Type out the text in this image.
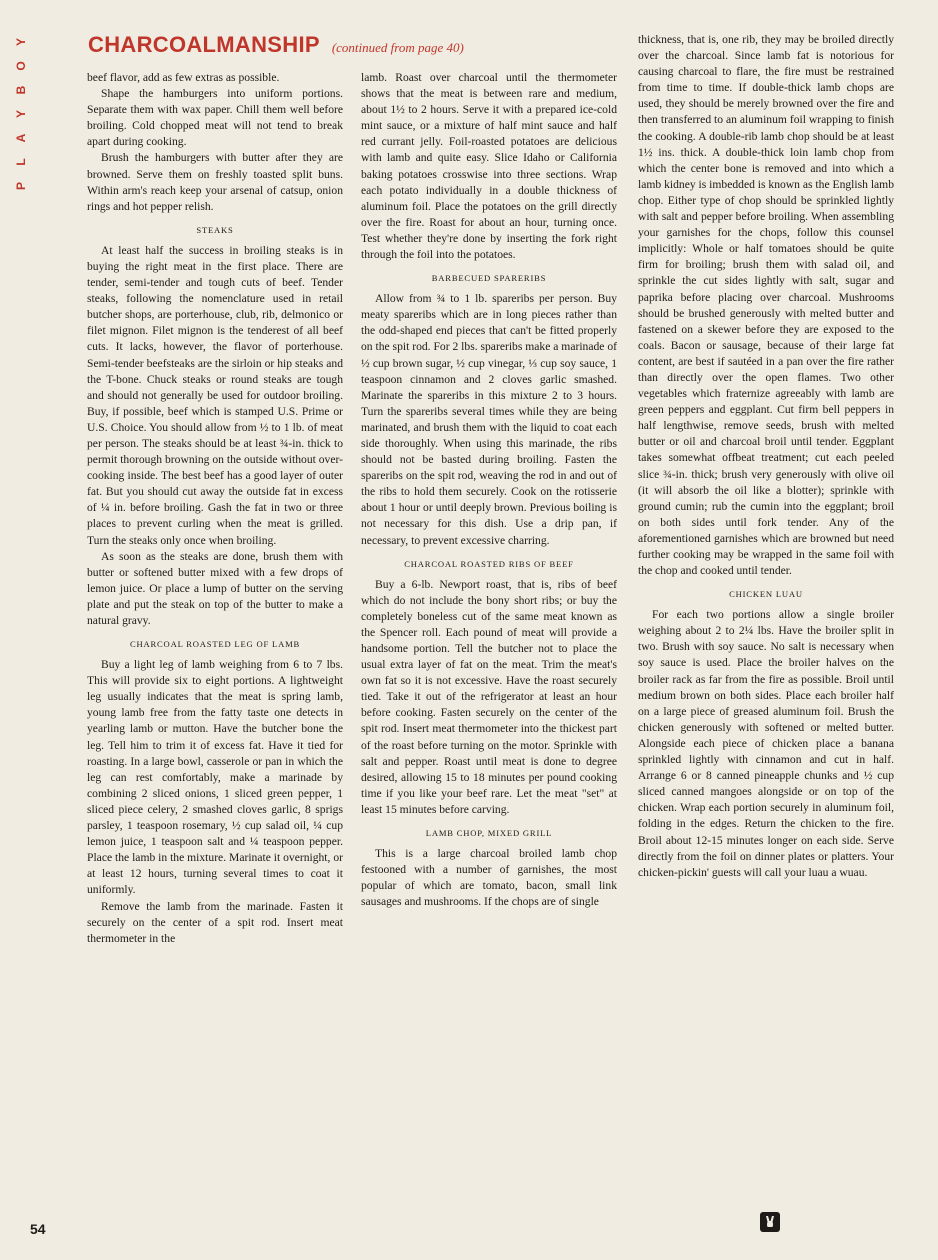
Y
O
B
Y
A
L
P
CHARCOALMANSHIP (continued from page 40)

beef flavor, add as few extras as possible.

Shape the hamburgers into uniform portions. Separate them with wax paper. Chill them well before broiling. Cold chopped meat will not tend to break apart during cooking.

Brush the hamburgers with butter after they are browned. Serve them on freshly toasted split buns. Within arm's reach keep your arsenal of catsup, onion rings and hot pepper relish.

STEAKS

At least half the success in broiling steaks is in buying the right meat in the first place. There are tender, semi-tender and tough cuts of beef. Tender steaks, following the nomenclature used in retail butcher shops, are porterhouse, club, rib, delmonico or filet mignon. Filet mignon is the tenderest of all beef cuts. It lacks, however, the flavor of porterhouse. Semi-tender beefsteaks are the sirloin or hip steaks and the T-bone. Chuck steaks or round steaks are tough and should not generally be used for outdoor broiling. Buy, if possible, beef which is stamped U.S. Prime or U.S. Choice. You should allow from ½ to 1 lb. of meat per person. The steaks should be at least ¾-in. thick to permit thorough browning on the outside without over-cooking inside. The best beef has a good layer of outer fat. But you should cut away the outside fat in excess of ¼ in. before broiling. Gash the fat in two or three places to prevent curling when the meat is grilled. Turn the steaks only once when broiling.

As soon as the steaks are done, brush them with butter or softened butter mixed with a few drops of lemon juice. Or place a lump of butter on the serving plate and put the steak on top of the butter to make a natural gravy.

CHARCOAL ROASTED LEG OF LAMB

Buy a light leg of lamb weighing from 6 to 7 lbs. This will provide six to eight portions. A lightweight leg usually indicates that the meat is spring lamb, young lamb free from the fatty taste one detects in yearling lamb or mutton. Have the butcher bone the leg. Tell him to trim it of excess fat. Have it tied for roasting. In a large bowl, casserole or pan in which the leg can rest comfortably, make a marinade by combining 2 sliced onions, 1 sliced green pepper, 1 sliced piece celery, 2 smashed cloves garlic, 8 sprigs parsley, 1 teaspoon rosemary, ½ cup salad oil, ¼ cup lemon juice, 1 teaspoon salt and ¼ teaspoon pepper. Place the lamb in the mixture. Marinate it overnight, or at least 12 hours, turning several times to coat it uniformly.

Remove the lamb from the marinade. Fasten it securely on the center of a spit rod. Insert meat thermometer in the

lamb. Roast over charcoal until the thermometer shows that the meat is between rare and medium, about 1½ to 2 hours. Serve it with a prepared ice-cold mint sauce, or a mixture of half mint sauce and half red currant jelly. Foil-roasted potatoes are delicious with lamb and quite easy. Slice Idaho or California baking potatoes crosswise into three sections. Wrap each potato individually in a double thickness of aluminum foil. Place the potatoes on the grill directly over the fire. Roast for about an hour, turning once. Test whether they're done by inserting the fork right through the foil into the potatoes.

BARBECUED SPARERIBS

Allow from ¾ to 1 lb. spareribs per person. Buy meaty spareribs which are in long pieces rather than the odd-shaped end pieces that can't be fitted properly on the spit rod. For 2 lbs. spareribs make a marinade of ½ cup brown sugar, ½ cup vinegar, ⅓ cup soy sauce, 1 teaspoon cinnamon and 2 cloves garlic smashed. Marinate the spareribs in this mixture 2 to 3 hours. Turn the spareribs several times while they are being marinated, and brush them with the liquid to coat each side thoroughly. When using this marinade, the ribs should not be basted during broiling. Fasten the spareribs on the spit rod, weaving the rod in and out of the ribs to hold them securely. Cook on the rotisserie about 1 hour or until deeply brown. Previous boiling is not necessary for this dish. Use a drip pan, if necessary, to prevent excessive charring.

CHARCOAL ROASTED RIBS OF BEEF

Buy a 6-lb. Newport roast, that is, ribs of beef which do not include the bony short ribs; or buy the completely boneless cut of the same meat known as the Spencer roll. Each pound of meat will provide a handsome portion. Tell the butcher not to place the usual extra layer of fat on the meat. Trim the meat's own fat so it is not excessive. Have the roast securely tied. Take it out of the refrigerator at least an hour before cooking. Fasten securely on the center of the spit rod. Insert meat thermometer into the thickest part of the roast before turning on the motor. Sprinkle with salt and pepper. Roast until meat is done to degree desired, allowing 15 to 18 minutes per pound cooking time if you like your beef rare. Let the meat "set" at least 15 minutes before carving.

LAMB CHOP, MIXED GRILL

This is a large charcoal broiled lamb chop festooned with a number of garnishes, the most popular of which are tomato, bacon, small link sausages and mushrooms. If the chops are of single

thickness, that is, one rib, they may be broiled directly over the charcoal. Since lamb fat is notorious for causing charcoal to flare, the fire must be restrained from time to time. If double-thick lamb chops are used, they should be merely browned over the fire and then transferred to an aluminum foil wrapping to finish the cooking. A double-rib lamb chop should be at least 1½ ins. thick. A double-thick loin lamb chop from which the center bone is removed and into which a lamb kidney is imbedded is known as the English lamb chop. Either type of chop should be sprinkled lightly with salt and pepper before broiling. When assembling your garnishes for the chops, follow this counsel implicitly: Whole or half tomatoes should be quite firm for broiling; brush them with salad oil, and sprinkle the cut sides lightly with salt, sugar and paprika before placing over charcoal. Mushrooms should be brushed generously with melted butter and fastened on a skewer before they are exposed to the coals. Bacon or sausage, because of their large fat content, are best if sautéed in a pan over the fire rather than directly over the open flames. Two other vegetables which fraternize agreeably with lamb are green peppers and eggplant. Cut firm bell peppers in half lengthwise, remove seeds, brush with melted butter or oil and charcoal broil until tender. Eggplant takes somewhat offbeat treatment; cut each peeled slice ¾-in. thick; brush very generously with olive oil (it will absorb the oil like a blotter); sprinkle with ground cumin; rub the cumin into the eggplant; broil on both sides until fork tender. Any of the aforementioned garnishes which are browned but need further cooking may be wrapped in the same foil with the chop and cooked until tender.

CHICKEN LUAU

For each two portions allow a single broiler weighing about 2 to 2¼ lbs. Have the broiler split in two. Brush with soy sauce. No salt is necessary when soy sauce is used. Place the broiler halves on the broiler rack as far from the fire as possible. Broil until medium brown on both sides. Place each broiler half on a large piece of greased aluminum foil. Brush the chicken generously with softened or melted butter. Alongside each piece of chicken place a banana sprinkled lightly with cinnamon and cut in half. Arrange 6 or 8 canned pineapple chunks and ½ cup sliced canned mangoes alongside or on top of the chicken. Wrap each portion securely in aluminum foil, folding in the edges. Return the chicken to the fire. Broil about 12-15 minutes longer on each side. Serve directly from the foil on dinner plates or platters. Your chicken-pickin' guests will call your luau a wuau.

54
